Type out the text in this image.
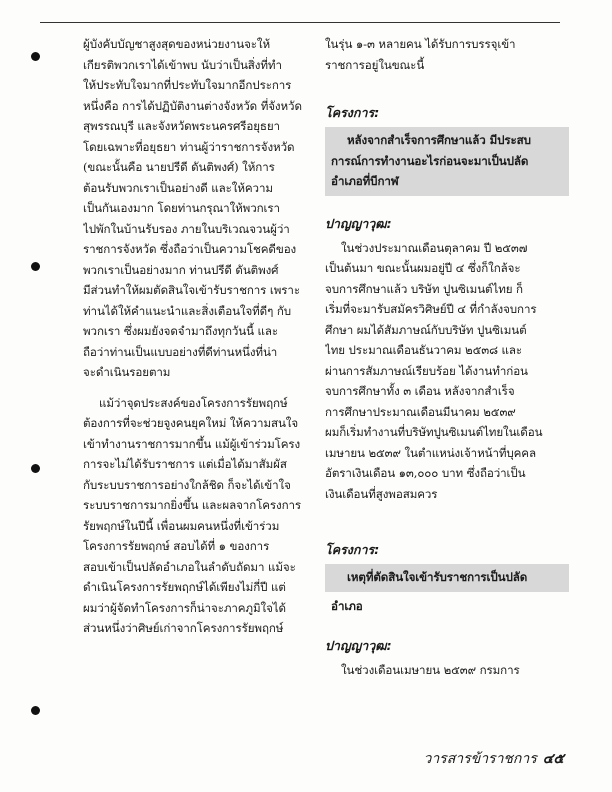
ผู้บังคับบัญชาสูงสุดของหน่วยงานจะให้
เกียรติพวกเราได้เข้าพบ นับว่าเป็นสิ่งที่ทำ
ให้ประทับใจมากที่ประทับใจมากอีกประการ
หนึ่งคือ การได้ปฏิบัติงานต่างจังหวัด ที่จังหวัด
สุพรรณบุรี และจังหวัดพระนครศรีอยุธยา
โดยเฉพาะที่อยุธยา ท่านผู้ว่าราชการจังหวัด
(ขณะนั้นคือ นายปรีดี ดันติพงศ์) ให้การ
ต้อนรับพวกเราเป็นอย่างดี และให้ความ
เป็นกันเองมาก โดยท่านกรุณาให้พวกเรา
ไปพักในบ้านรับรอง ภายในบริเวณจวนผู้ว่า
ราชการจังหวัด ซึ่งถือว่าเป็นความโชคดีของ
พวกเราเป็นอย่างมาก ท่านปรีดี ดันติพงศ์
มีส่วนทำให้ผมตัดสินใจเข้ารับราชการ เพราะ
ท่านได้ให้คำแนะนำและสิ่งเตือนใจที่ดีๆ กับ
พวกเรา ซึ่งผมยังจดจำมาถึงทุกวันนี้ และ
ถือว่าท่านเป็นแบบอย่างที่ดีท่านหนึ่งที่น่า
จะดำเนินรอยตาม
แม้ว่าจุดประสงค์ของโครงการรัยพฤกษ์
ต้องการที่จะช่วยจูงคนยุคใหม่ ให้ความสนใจ
เข้าทำงานราชการมากขึ้น แม้ผู้เข้าร่วมโครง
การจะไม่ได้รับราชการ แต่เมื่อได้มาสัมผัส
กับระบบราชการอย่างใกล้ชิด ก็จะได้เข้าใจ
ระบบราชการมากยิ่งขึ้น และผลจากโครงการ
รัยพฤกษ์ในปีนี้ เพื่อนผมคนหนึ่งที่เข้าร่วม
โครงการรัยพฤกษ์ สอบได้ที่ ๑ ของการ
สอบเข้าเป็นปลัดอำเภอในลำดับถัดมา แม้จะ
ดำเนินโครงการรัยพฤกษ์ได้เพียงไม่กี่ปี แต่
ผมว่าผู้จัดทำโครงการก็น่าจะภาคภูมิใจได้
ส่วนหนึ่งว่าศิษย์เก่าจากโครงการรัยพฤกษ์
ในรุ่น ๑-๓ หลายคน ได้รับการบรรจุเข้า
ราชการอยู่ในขณะนี้
โครงการ:
หลังจากสำเร็จการศึกษาแล้ว มีประสบ
การณ์การทำงานอะไรก่อนจะมาเป็นปลัด
อำเภอที่บีกาฬ
ปาญญาวุฒ:
ในช่วงประมาณเดือนตุลาคม ปี ๒๕๓๗
เป็นต้นมา ขณะนั้นผมอยู่ปี ๔ ซึ่งก็ใกล้จะ
จบการศึกษาแล้ว บริษัท ปูนซิเมนต์ไทย ก็
เริ่มที่จะมารับสมัครวิศิษย์ปี ๔ ที่กำลังจบการ
ศึกษา ผมได้สัมภาษณ์กับบริษัท ปูนซิเมนต์
ไทย ประมาณเดือนธันวาคม ๒๕๓๘ และ
ผ่านการสัมภาษณ์เรียบร้อย ได้งานทำก่อน
จบการศึกษาทั้ง ๓ เดือน หลังจากสำเร็จ
การศึกษาประมาณเดือนมีนาคม ๒๕๓๙
ผมก็เริ่มทำงานที่บริษัทปูนซิเมนต์ไทยในเดือน
เมษายน ๒๕๓๙ ในตำแหน่งเจ้าหน้าที่บุคคล
อัตราเงินเดือน ๑๓,๐๐๐ บาท ซึ่งถือว่าเป็น
เงินเดือนที่สูงพอสมควร
โครงการ:
เหตุที่ตัดสินใจเข้ารับราชการเป็นปลัด
อำเภอ
ปาญญาวุฒ:
ในช่วงเดือนเมษายน ๒๕๓๙ กรมการ
วารสารข้าราชการ ๔๕
